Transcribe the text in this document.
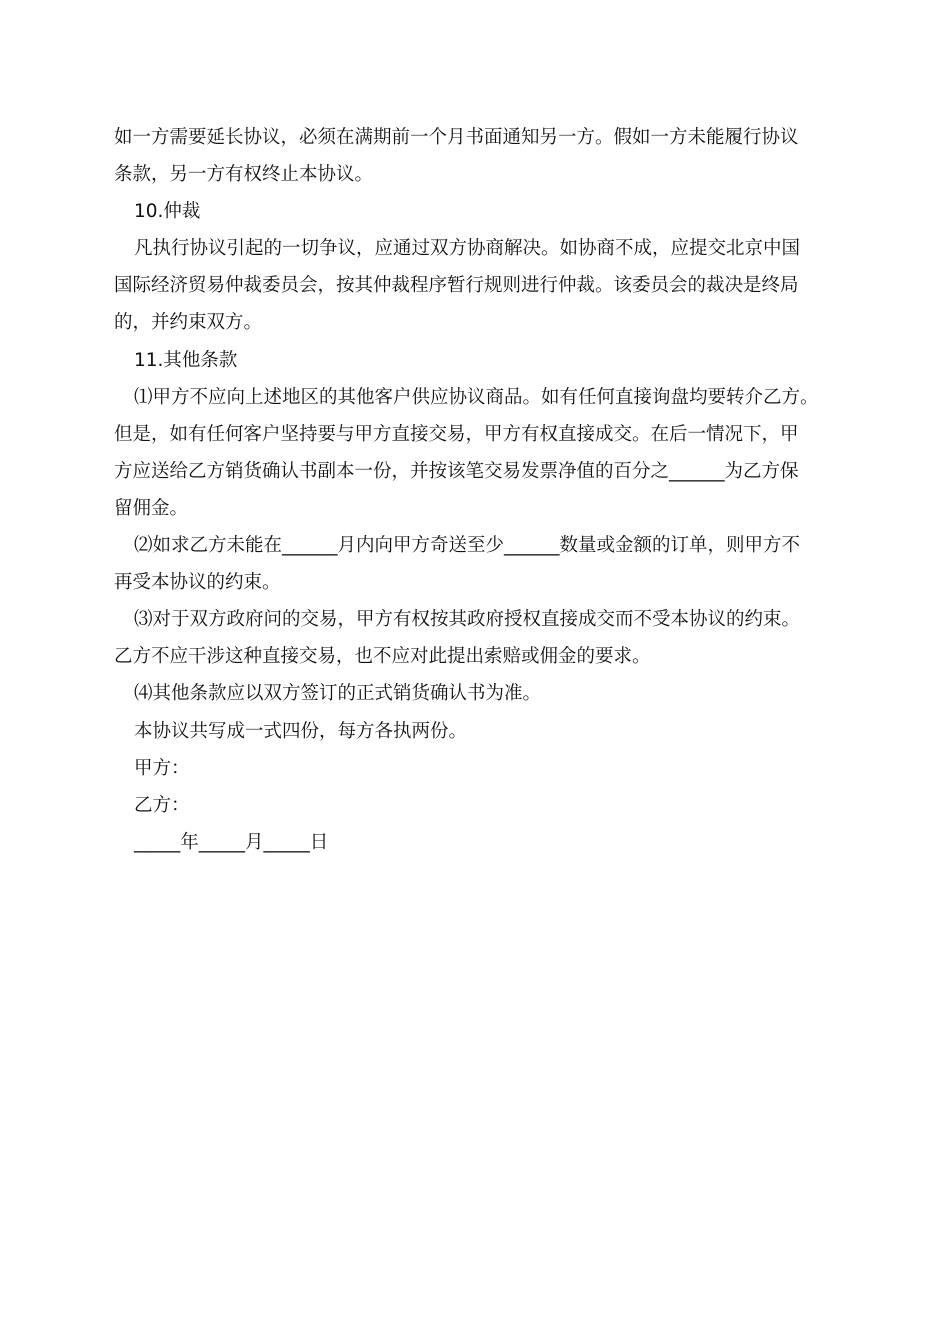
如一方需要延长协议，必须在满期前一个月书面通知另一方。假如一方未能履行协议
条款，另一方有权终止本协议。
10.仲裁
凡执行协议引起的一切争议，应通过双方协商解决。如协商不成，应提交北京中国
国际经济贸易仲裁委员会，按其仲裁程序暂行规则进行仲裁。该委员会的裁决是终局
的，并约束双方。
11.其他条款
⑴甲方不应向上述地区的其他客户供应协议商品。如有任何直接询盘均要转介乙方。
但是，如有任何客户坚持要与甲方直接交易，甲方有权直接成交。在后一情况下，甲
方应送给乙方销货确认书副本一份，并按该笔交易发票净值的百分之______为乙方保
留佣金。
⑵如求乙方未能在______月内向甲方奇送至少______数量或金额的订单，则甲方不
再受本协议的约束。
⑶对于双方政府问的交易，甲方有权按其政府授权直接成交而不受本协议的约束。
乙方不应干涉这种直接交易，也不应对此提出索赔或佣金的要求。
⑷其他条款应以双方签订的正式销货确认书为准。
本协议共写成一式四份，每方各执两份。
甲方：
乙方：
_____年_____月_____日
